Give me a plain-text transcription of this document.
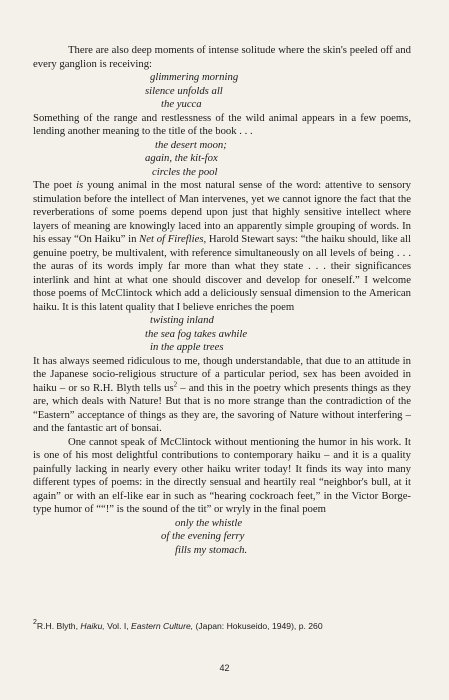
There are also deep moments of intense solitude where the skin's peeled off and every ganglion is receiving:

glimmering morning
silence unfolds all
the yucca

Something of the range and restlessness of the wild animal appears in a few poems, lending another meaning to the title of the book . . .

the desert moon;
again, the kit-fox
circles the pool

The poet is young animal in the most natural sense of the word: attentive to sensory stimulation before the intellect of Man intervenes, yet we cannot ignore the fact that the reverberations of some poems depend upon just that highly sensitive intellect where layers of meaning are knowingly laced into an apparently simple grouping of words. In his essay “On Haiku” in Net of Fireflies, Harold Stewart says: “the haiku should, like all genuine poetry, be multivalent, with reference simultaneously on all levels of being . . . the auras of its words imply far more than what they state . . . their significances interlink and hint at what one should discover and develop for oneself.” I welcome those poems of McClintock which add a deliciously sensual dimension to the American haiku. It is this latent quality that I believe enriches the poem

twisting inland
the sea fog takes awhile
in the apple trees

It has always seemed ridiculous to me, though understandable, that due to an attitude in the Japanese socio-religious structure of a particular period, sex has been avoided in haiku – or so R.H. Blyth tells $us^2$ – and this in the poetry which presents things as they are, which deals with Nature! But that is no more strange than the contradiction of the “Eastern” acceptance of things as they are, the savoring of Nature without interfering – and the fantastic art of bonsai.

One cannot speak of McClintock without mentioning the humor in his work. It is one of his most delightful contributions to contemporary haiku – and it is a quality painfully lacking in nearly every other haiku writer today! It finds its way into many different types of poems: in the directly sensual and heartily real “neighbor's bull, at it again” or with an elf-like ear in such as “hearing cockroach feet,” in the Victor Borge-type humor of ““!” is the sound of the tit” or wryly in the final poem

only the whistle
of the evening ferry
fills my stomach.
$^2$R.H. Blyth, Haiku, Vol. I, Eastern Culture, (Japan: Hokuseido, 1949), p. 260
42
